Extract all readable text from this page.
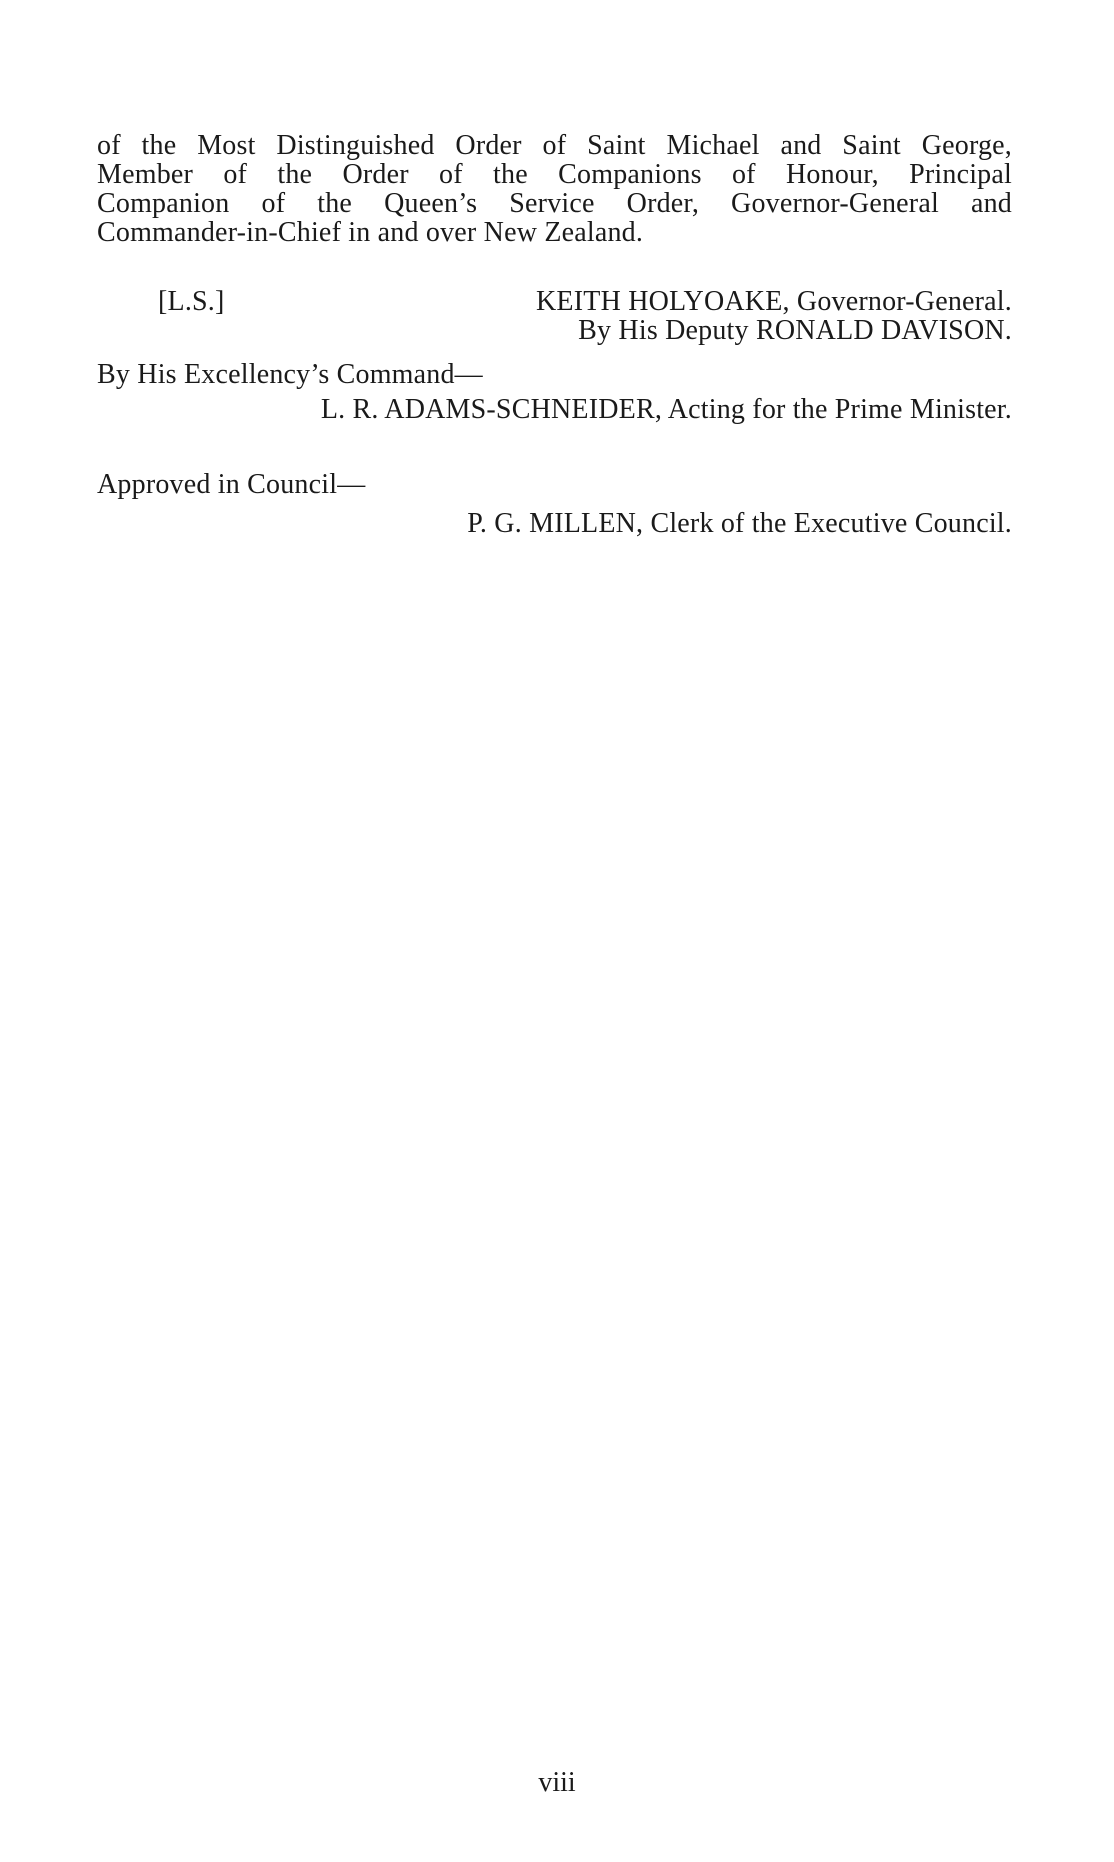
of the Most Distinguished Order of Saint Michael and Saint George,
Member of the Order of the Companions of Honour, Principal
Companion of the Queen’s Service Order, Governor-General and
Commander-in-Chief in and over New Zealand.
[L.S.]	KEITH HOLYOAKE, Governor-General.
By His Deputy RONALD DAVISON.
By His Excellency’s Command—
L. R. ADAMS-SCHNEIDER, Acting for the Prime Minister.
Approved in Council—
P. G. MILLEN, Clerk of the Executive Council.
viii
